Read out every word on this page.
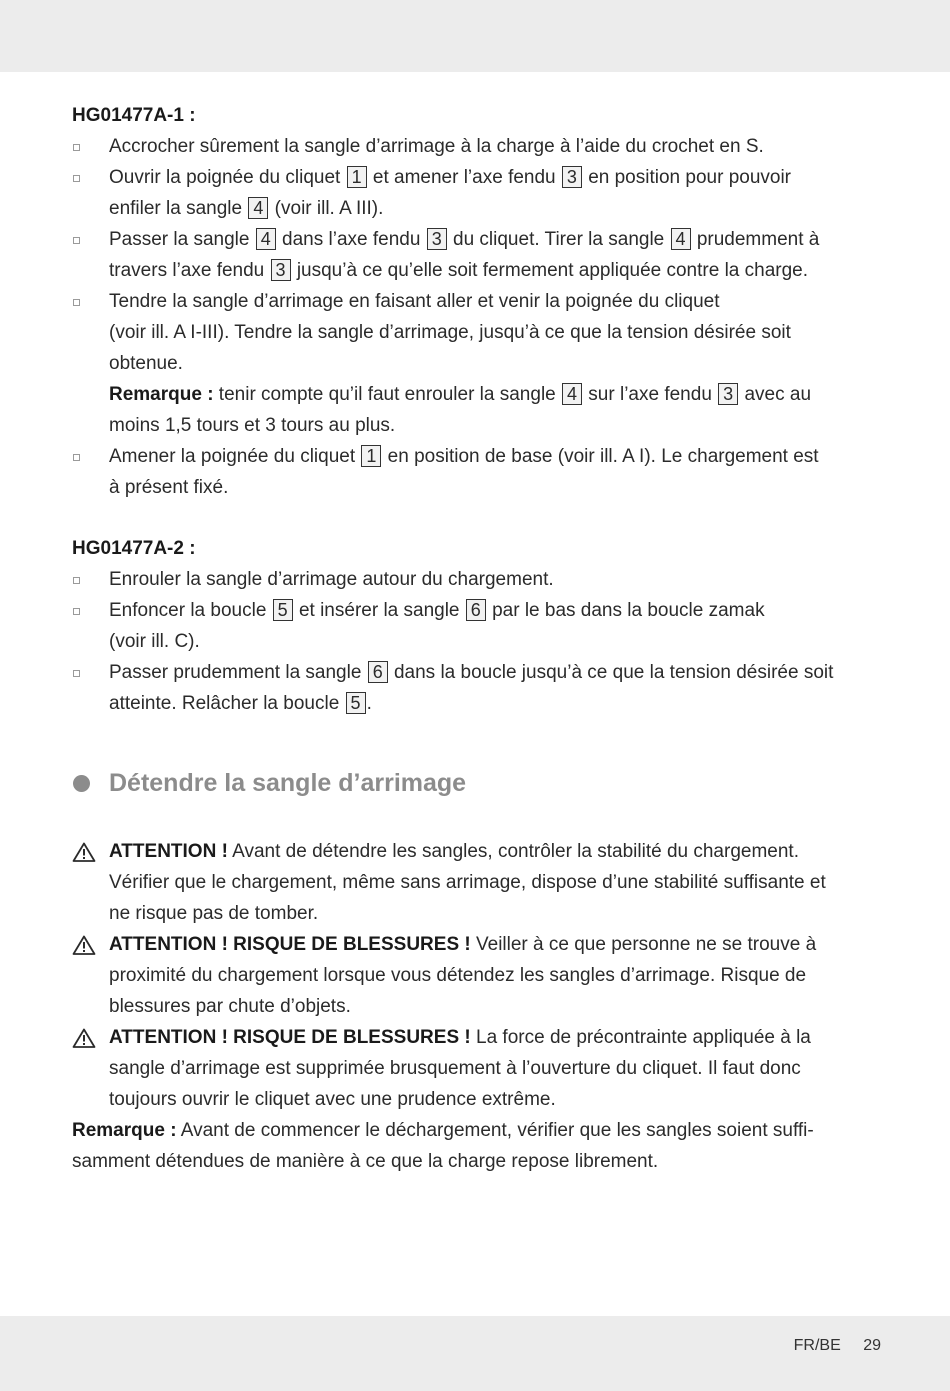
HG01477A-1 :
Accrocher sûrement la sangle d’arrimage à la charge à l’aide du crochet en S.
Ouvrir la poignée du cliquet 1 et amener l’axe fendu 3 en position pour pouvoir
enfiler la sangle 4 (voir ill. A III).
Passer la sangle 4 dans l’axe fendu 3 du cliquet. Tirer la sangle 4 prudemment à
travers l’axe fendu 3 jusqu’à ce qu’elle soit fermement appliquée contre la charge.
Tendre la sangle d’arrimage en faisant aller et venir la poignée du cliquet
(voir ill. A I-III). Tendre la sangle d’arrimage, jusqu’à ce que la tension désirée soit
obtenue.
Remarque : tenir compte qu’il faut enrouler la sangle 4 sur l’axe fendu 3 avec au
moins 1,5 tours et 3 tours au plus.
Amener la poignée du cliquet 1 en position de base (voir ill. A I). Le chargement est
à présent fixé.
HG01477A-2 :
Enrouler la sangle d’arrimage autour du chargement.
Enfoncer la boucle 5 et insérer la sangle 6 par le bas dans la boucle zamak
(voir ill. C).
Passer prudemment la sangle 6 dans la boucle jusqu’à ce que la tension désirée soit
atteinte. Relâcher la boucle 5 .
Détendre la sangle d’arrimage
ATTENTION ! Avant de détendre les sangles, contrôler la stabilité du chargement.
Vérifier que le chargement, même sans arrimage, dispose d’une stabilité suffisante et
ne risque pas de tomber.
ATTENTION ! RISQUE DE BLESSURES ! Veiller à ce que personne ne se trouve à
proximité du chargement lorsque vous détendez les sangles d’arrimage. Risque de
blessures par chute d’objets.
ATTENTION ! RISQUE DE BLESSURES ! La force de précontrainte appliquée à la
sangle d’arrimage est supprimée brusquement à l’ouverture du cliquet. Il faut donc
toujours ouvrir le cliquet avec une prudence extrême.
Remarque : Avant de commencer le déchargement, vérifier que les sangles soient suffi-
samment détendues de manière à ce que la charge repose librement.
FR/BE 29
